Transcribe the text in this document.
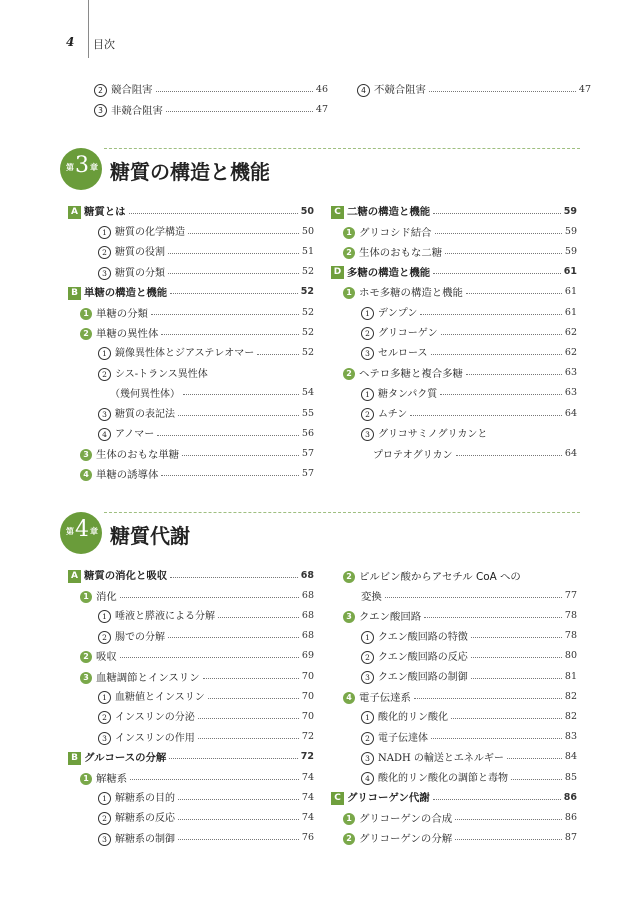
4 目次
2 競合阻害	46
3 非競合阻害	47
4 不競合阻害	47
第 3 章 糖質の構造と機能
A 糖質とは	50
1 糖質の化学構造	50
2 糖質の役割	51
3 糖質の分類	52
B 単糖の構造と機能	52
1 単糖の分類	52
2 単糖の異性体	52
1 鏡像異性体とジアステレオマー	52
2 シス-トランス異性体
（幾何異性体）	54
3 糖質の表記法	55
4 アノマー	56
3 生体のおもな単糖	57
4 単糖の誘導体	57
C 二糖の構造と機能	59
1 グリコシド結合	59
2 生体のおもな二糖	59
D 多糖の構造と機能	61
1 ホモ多糖の構造と機能	61
1 デンプン	61
2 グリコーゲン	62
3 セルロース	62
2 ヘテロ多糖と複合多糖	63
1 糖タンパク質	63
2 ムチン	64
3 グリコサミノグリカンと
プロテオグリカン	64
第 4 章 糖質代謝
A 糖質の消化と吸収	68
1 消化	68
1 唾液と膵液による分解	68
2 腸での分解	68
2 吸収	69
3 血糖調節とインスリン	70
1 血糖値とインスリン	70
2 インスリンの分泌	70
3 インスリンの作用	72
B グルコースの分解	72
1 解糖系	74
1 解糖系の目的	74
2 解糖系の反応	74
3 解糖系の制御	76
2 ピルビン酸からアセチル CoA への
変換	77
3 クエン酸回路	78
1 クエン酸回路の特徴	78
2 クエン酸回路の反応	80
3 クエン酸回路の制御	81
4 電子伝達系	82
1 酸化的リン酸化	82
2 電子伝達体	83
3 NADH の輸送とエネルギー	84
4 酸化的リン酸化の調節と毒物	85
C グリコーゲン代謝	86
1 グリコーゲンの合成	86
2 グリコーゲンの分解	87
